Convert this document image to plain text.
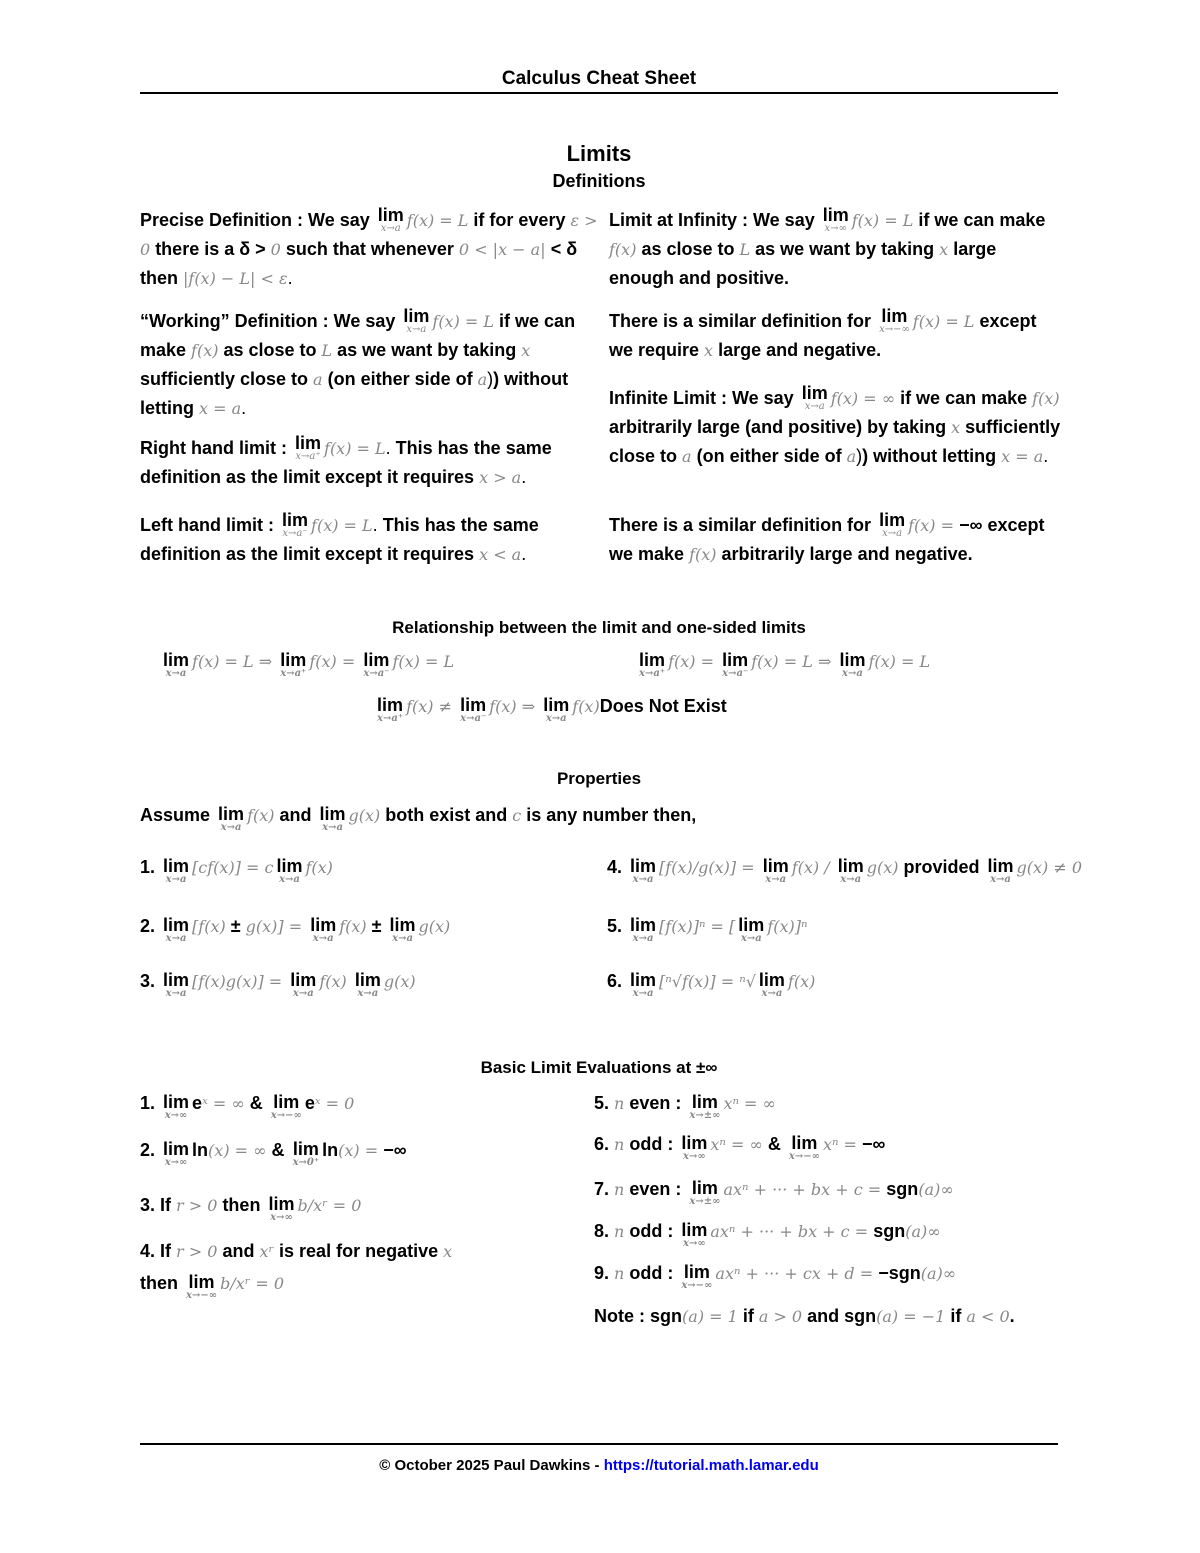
Calculus Cheat Sheet
Limits
Definitions
Precise Definition : We say lim
x→a f(x) = L if for every ε > 0 there is a δ > 0 such that whenever 0 < |x − a| < δ then |f(x) − L| < ε.
“Working” Definition : We say lim
x→a f(x) = L if we can make f(x) as close to L as we want by taking x sufficiently close to a (on either side of a)) without letting x = a.
Right hand limit : lim
x→a⁺ f(x) = L. This has the same definition as the limit except it requires x > a.
Left hand limit : lim
x→a⁻ f(x) = L. This has the same definition as the limit except it requires x < a.
Limit at Infinity : We say lim
x→∞ f(x) = L if we can make f(x) as close to L as we want by taking x large enough and positive.
There is a similar definition for lim
x→−∞ f(x) = L except we require x large and negative.
Infinite Limit : We say lim
x→a f(x) = ∞ if we can make f(x) arbitrarily large (and positive) by taking x sufficiently close to a (on either side of a)) without letting x = a.
There is a similar definition for lim
x→a f(x) = −∞ except we make f(x) arbitrarily large and negative.
Relationship between the limit and one-sided limits
lim
x→a
f(x) = L ⇒ lim
x→a⁺
f(x) = lim
x→a⁻
f(x) = L	lim
x→a⁺
f(x) = lim
x→a⁻
f(x) = L ⇒ lim
x→a
f(x) = L
lim
x→a⁺
f(x) ≠ lim
x→a⁻
f(x) ⇒ lim
x→a
f(x)Does Not Exist
Properties
Assume lim
x→a
f(x) and lim
x→a
g(x) both exist and c is any number then,
1. lim
x→a
[cf(x)] = c lim
x→a
f(x)
2. lim
x→a
[f(x) ± g(x)] = lim
x→a
f(x) ± lim
x→a
g(x)
3. lim
x→a
[f(x)g(x)] = lim
x→a
f(x) lim
x→a
g(x)
4. lim
x→a
[f(x)/g(x)] = lim
x→a
f(x) / lim
x→a
g(x) provided lim
x→a
g(x) ≠ 0
5. lim
x→a
[f(x)]ⁿ = [ lim
x→a
f(x)]ⁿ
6. lim
x→a
[ⁿ√f(x)] = ⁿ√ lim
x→a
f(x)
Basic Limit Evaluations at ±∞
1. lim
x→∞
eˣ = ∞ & lim
x→−∞
eˣ = 0
2. lim
x→∞
ln(x) = ∞ & lim
x→0⁺
ln(x) = −∞
3. If r > 0 then lim
x→∞
b/xʳ = 0
4. If r > 0 and xʳ is real for negative x
then lim
x→−∞
b/xʳ = 0
5. n even : lim
x→±∞
xⁿ = ∞
6. n odd : lim
x→∞
xⁿ = ∞ & lim
x→−∞
xⁿ = −∞
7. n even : lim
x→±∞
axⁿ + ··· + bx + c = sgn(a)∞
8. n odd : lim
x→∞
axⁿ + ··· + bx + c = sgn(a)∞
9. n odd : lim
x→−∞
axⁿ + ··· + cx + d = −sgn(a)∞
Note : sgn(a) = 1 if a > 0 and sgn(a) = −1 if a < 0.
© October 2025 Paul Dawkins - https://tutorial.math.lamar.edu
